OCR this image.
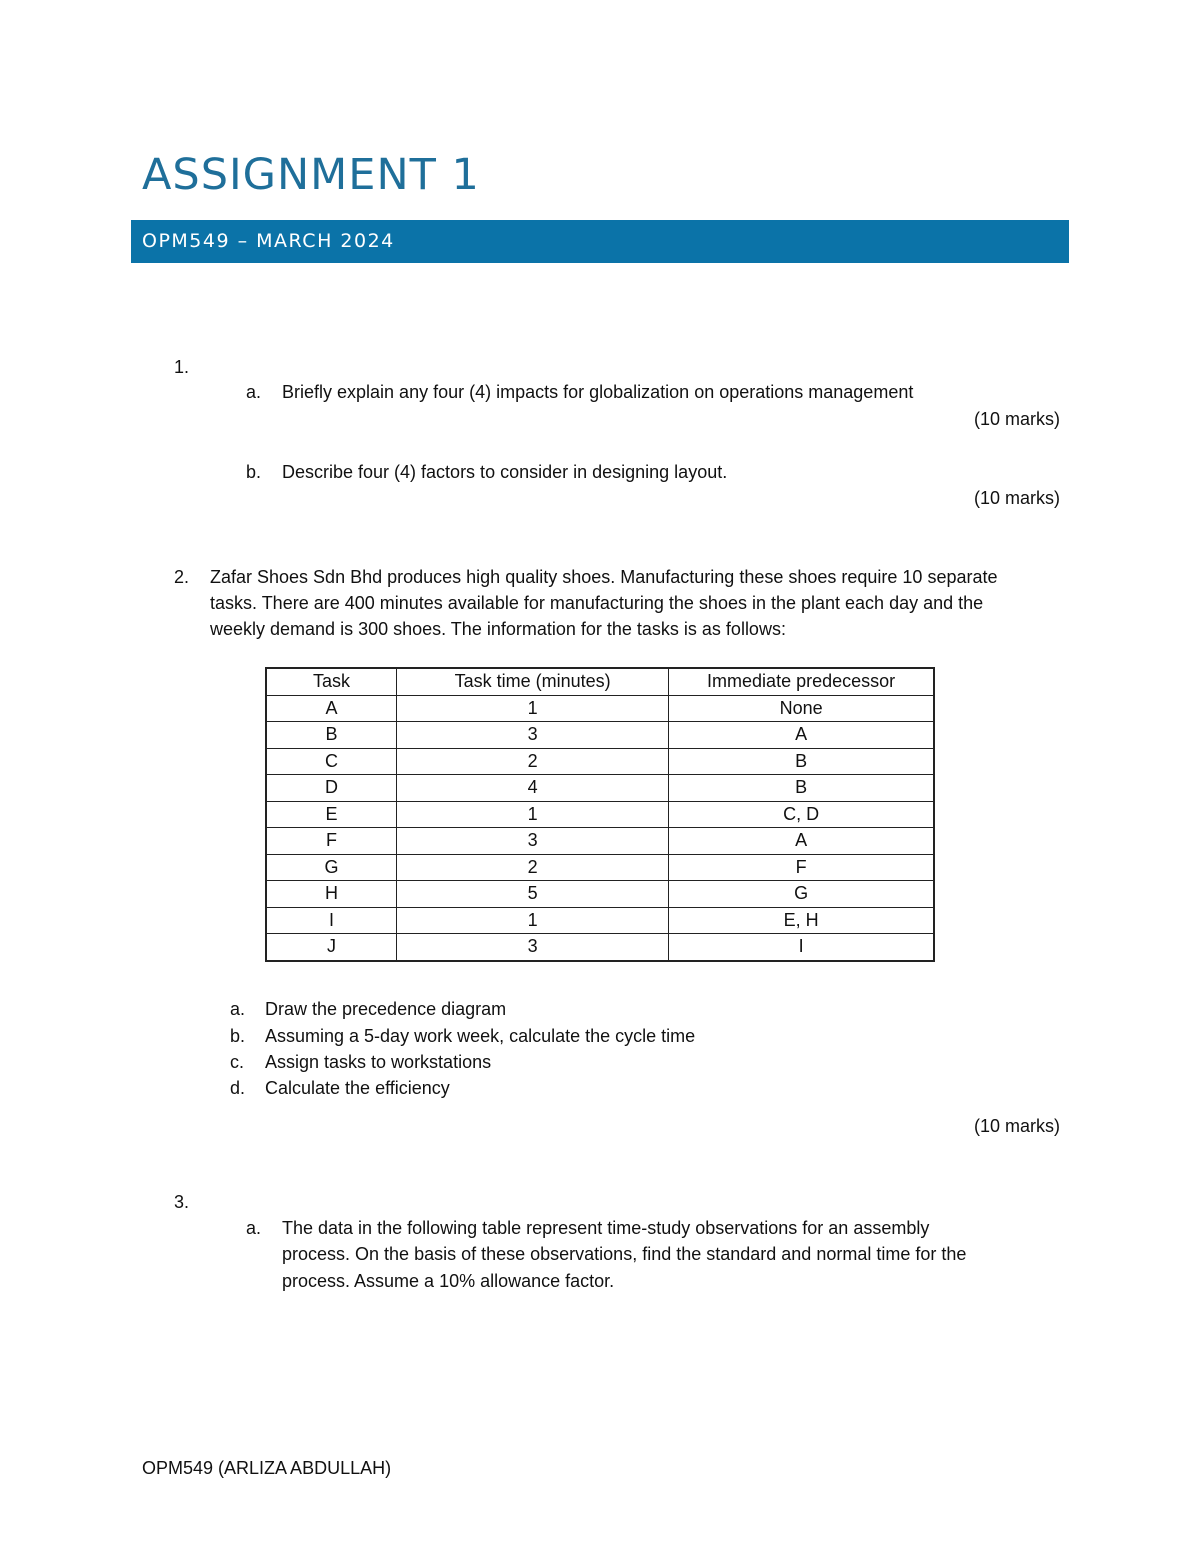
ASSIGNMENT 1
OPM549 – MARCH 2024
1.
a. Briefly explain any four (4) impacts for globalization on operations management
(10 marks)
b. Describe four (4) factors to consider in designing layout.
(10 marks)
2. Zafar Shoes Sdn Bhd produces high quality shoes. Manufacturing these shoes require 10 separate
tasks. There are 400 minutes available for manufacturing the shoes in the plant each day and the
weekly demand is 300 shoes. The information for the tasks is as follows:
Task	Task time (minutes)	Immediate predecessor
A	1	None
B	3	A
C	2	B
D	4	B
E	1	C, D
F	3	A
G	2	F
H	5	G
I	1	E, H
J	3	I
a. Draw the precedence diagram
b. Assuming a 5-day work week, calculate the cycle time
c. Assign tasks to workstations
d. Calculate the efficiency
(10 marks)
3.
a. The data in the following table represent time-study observations for an assembly
process. On the basis of these observations, find the standard and normal time for the
process. Assume a 10% allowance factor.
OPM549 (ARLIZA ABDULLAH)
